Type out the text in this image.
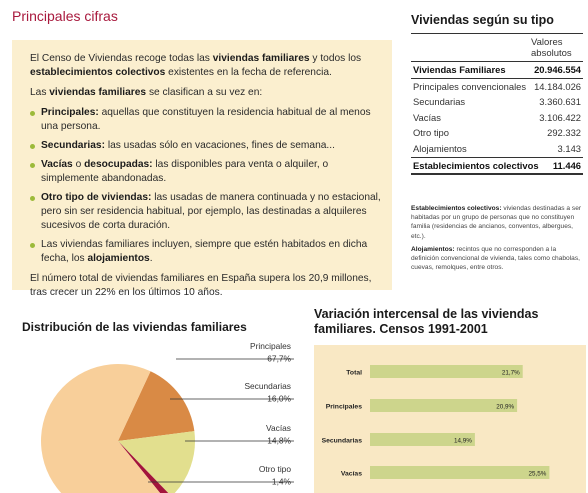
Principales cifras

El Censo de Viviendas recoge todas las viviendas familiares y todos los establecimientos colectivos existentes en la fecha de referencia.

Las viviendas familiares se clasifican a su vez en:

Principales: aquellas que constituyen la residencia habitual de al menos una persona.
Secundarias: las usadas sólo en vacaciones, fines de semana...
Vacías o desocupadas: las disponibles para venta o alquiler, o simplemente abandonadas.
Otro tipo de viviendas: las usadas de manera continuada y no estacional, pero sin ser residencia habitual, por ejemplo, las destinadas a alquileres sucesivos de corta duración.
Las viviendas familiares incluyen, siempre que estén habitados en dicha fecha, los alojamientos.

El número total de viviendas familiares en España supera los 20,9 millones, tras crecer un 22% en los últimos 10 años.

Viviendas según su tipo
Valores absolutos
Viviendas Familiares	20.946.554
Principales convencionales 14.184.026
Secundarias	3.360.631
Vacías	3.106.422
Otro tipo	292.332
Alojamientos	3.143
Establecimientos colectivos 11.446

Establecimientos colectivos: viviendas destinadas a ser habitadas por un grupo de personas que no constituyen familia (residencias de ancianos, conventos, albergues, etc.).

Alojamientos: recintos que no corresponden a la definición convencional de vivienda, tales como chabolas, cuevas, remolques, entre otros.

Distribución de las viviendas familiares
Principales
67,7%
Secundarias
16,0%
Vacías
14,8%
Otro tipo
1,4%
Variación intercensal de las viviendas familiares. Censos 1991-2001
Total	21,7%
Principales	20,9%
Secundarias	14,9%
Vacías	25,5%
